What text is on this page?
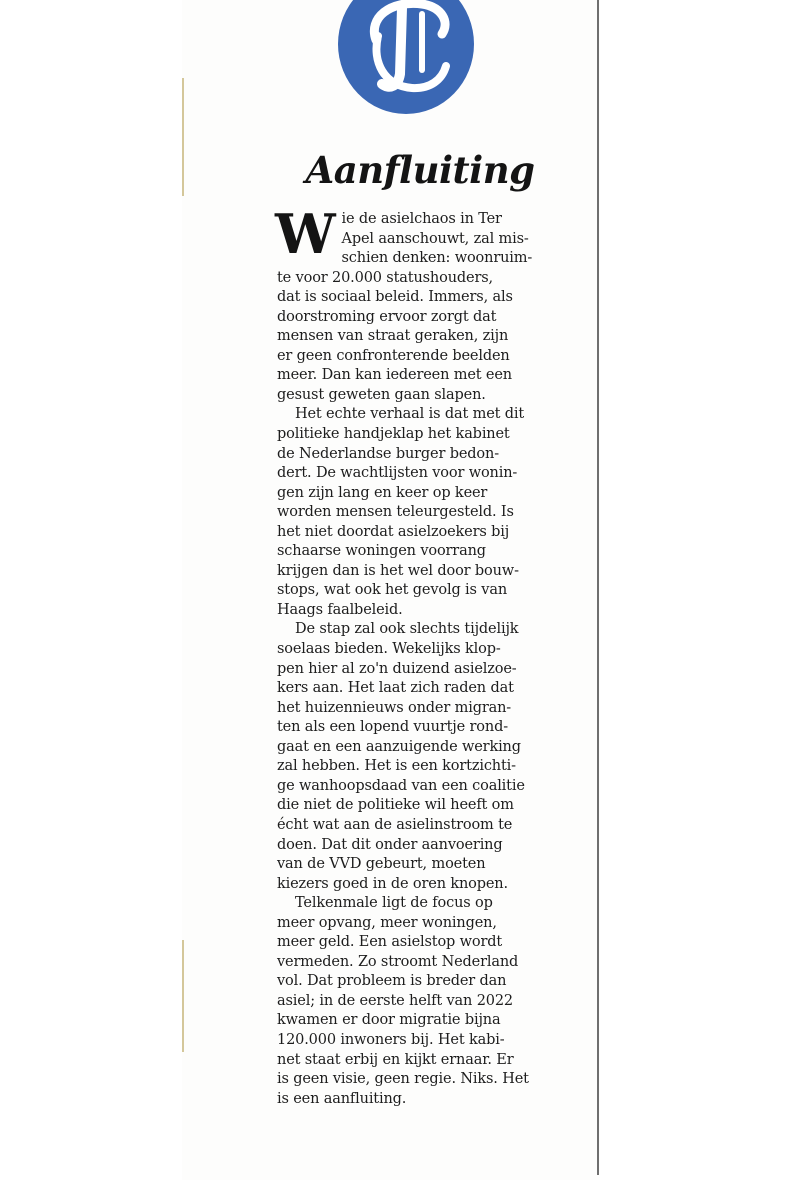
Aanfluiting
W ie de asielchaos in Ter
Apel aanschouwt, zal mis-
schien denken: woonruim-
te voor 20.000 statushouders,
dat is sociaal beleid. Immers, als
doorstroming ervoor zorgt dat
mensen van straat geraken, zijn
er geen confronterende beelden
meer. Dan kan iedereen met een
gesust geweten gaan slapen.
Het echte verhaal is dat met dit
politieke handjeklap het kabinet
de Nederlandse burger bedon-
dert. De wachtlijsten voor wonin-
gen zijn lang en keer op keer
worden mensen teleurgesteld. Is
het niet doordat asielzoekers bij
schaarse woningen voorrang
krijgen dan is het wel door bouw-
stops, wat ook het gevolg is van
Haags faalbeleid.
De stap zal ook slechts tijdelijk
soelaas bieden. Wekelijks klop-
pen hier al zo'n duizend asielzoe-
kers aan. Het laat zich raden dat
het huizennieuws onder migran-
ten als een lopend vuurtje rond-
gaat en een aanzuigende werking
zal hebben. Het is een kortzichti-
ge wanhoopsdaad van een coalitie
die niet de politieke wil heeft om
écht wat aan de asielinstroom te
doen. Dat dit onder aanvoering
van de VVD gebeurt, moeten
kiezers goed in de oren knopen.
Telkenmale ligt de focus op
meer opvang, meer woningen,
meer geld. Een asielstop wordt
vermeden. Zo stroomt Nederland
vol. Dat probleem is breder dan
asiel; in de eerste helft van 2022
kwamen er door migratie bijna
120.000 inwoners bij. Het kabi-
net staat erbij en kijkt ernaar. Er
is geen visie, geen regie. Niks. Het
is een aanfluiting.
